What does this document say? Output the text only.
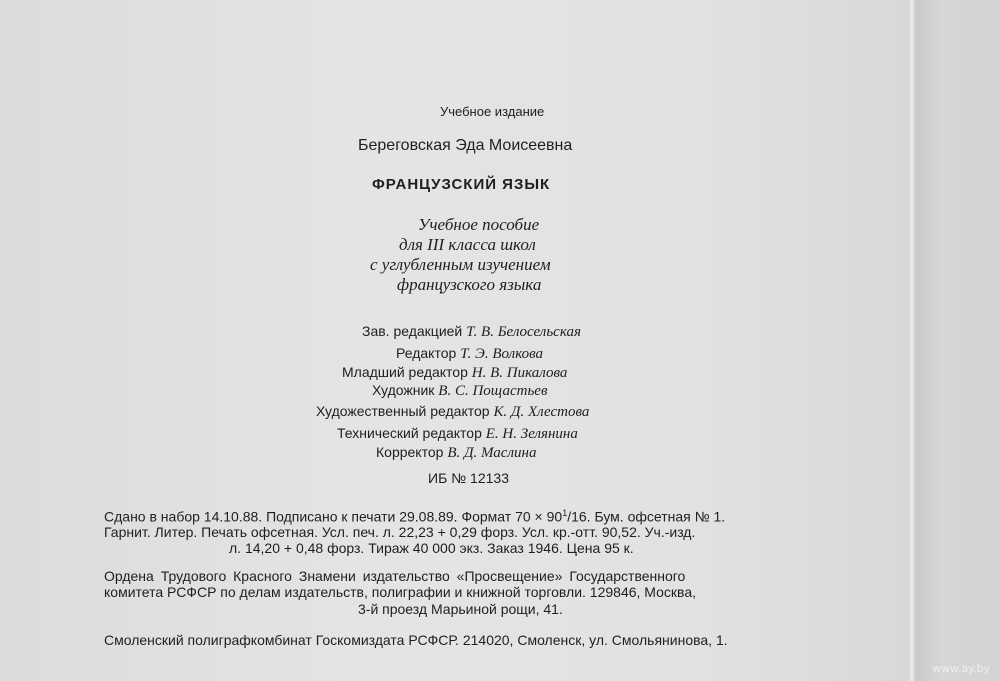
Учебное издание
Береговская Эда Моисеевна
ФРАНЦУЗСКИЙ ЯЗЫК
Учебное пособие
для III класса школ
с углубленным изучением
французского языка
Зав. редакцией Т. В. Белосельская
Редактор Т. Э. Волкова
Младший редактор Н. В. Пикалова
Художник В. С. Пощастьев
Художественный редактор К. Д. Хлестова
Технический редактор Е. Н. Зелянина
Корректор В. Д. Маслина
ИБ № 12133
Сдано в набор 14.10.88. Подписано к печати 29.08.89. Формат $70 \times 90^1/16$. Бум. офсетная № 1.
Гарнит. Литер. Печать офсетная. Усл. печ. л. 22,23 + 0,29 форз. Усл. кр.-отт. 90,52. Уч.-изд.
л. 14,20 + 0,48 форз. Тираж 40 000 экз. Заказ 1946. Цена 95 к.
Ордена Трудового Красного Знамени издательство «Просвещение» Государственного
комитета РСФСР по делам издательств, полиграфии и книжной торговли. 129846, Москва,
3-й проезд Марьиной рощи, 41.
Смоленский полиграфкомбинат Госкомиздата РСФСР. 214020, Смоленск, ул. Смольянинова, 1.
www.ay.by
